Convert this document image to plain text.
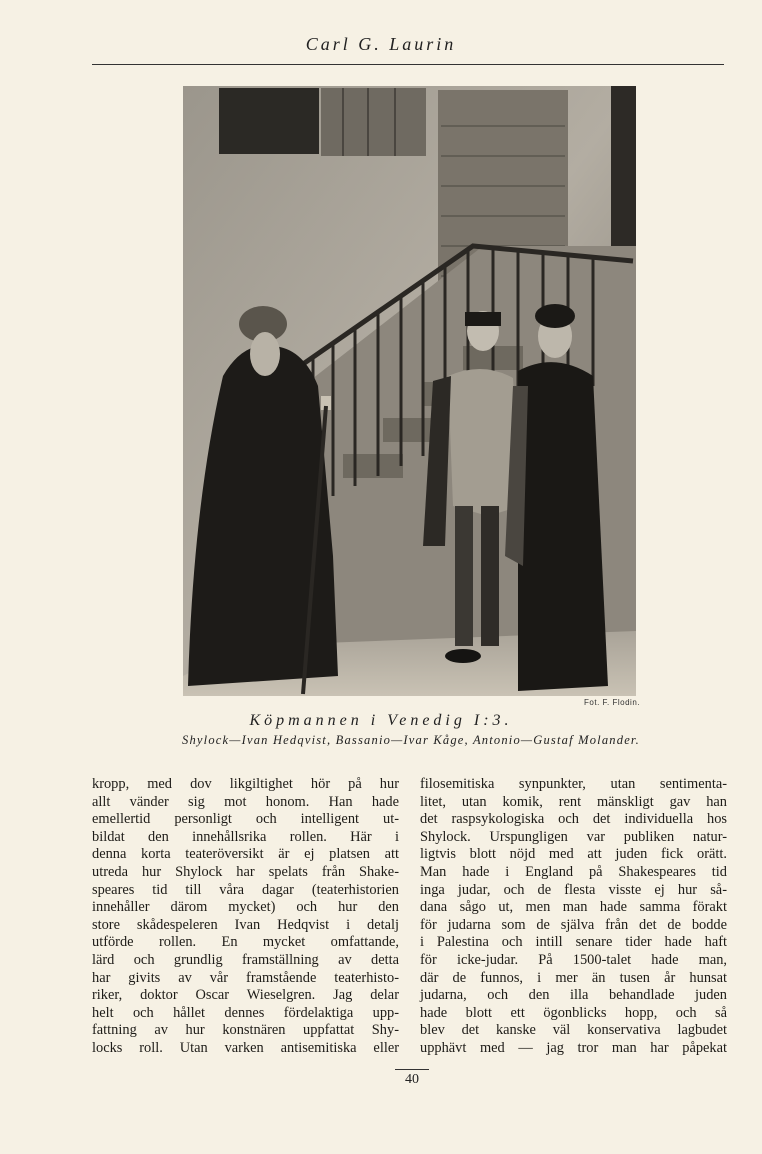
Carl G. Laurin
Fot. F. Flodin.
Köpmannen i Venedig I:3.
Shylock—Ivan Hedqvist, Bassanio—Ivar Kåge, Antonio—Gustaf Molander.
kropp, med dov likgiltighet hör på hur
allt vänder sig mot honom. Han hade
emellertid personligt och intelligent ut-
bildat den innehållsrika rollen. Här i
denna korta teateröversikt är ej platsen att
utreda hur Shylock har spelats från Shake-
speares tid till våra dagar (teaterhistorien
innehåller därom mycket) och hur den
store skådespeleren Ivan Hedqvist i detalj
utförde rollen. En mycket omfattande,
lärd och grundlig framställning av detta
har givits av vår framstående teaterhisto-
riker, doktor Oscar Wieselgren. Jag delar
helt och hållet dennes fördelaktiga upp-
fattning av hur konstnären uppfattat Shy-
locks roll. Utan varken antisemitiska eller
filosemitiska synpunkter, utan sentimenta-
litet, utan komik, rent mänskligt gav han
det raspsykologiska och det individuella hos
Shylock. Urspungligen var publiken natur-
ligtvis blott nöjd med att juden fick orätt.
Man hade i England på Shakespeares tid
inga judar, och de flesta visste ej hur så-
dana sågo ut, men man hade samma förakt
för judarna som de själva från det de bodde
i Palestina och intill senare tider hade haft
för icke-judar. På 1500-talet hade man,
där de funnos, i mer än tusen år hunsat
judarna, och den illa behandlade juden
hade blott ett ögonblicks hopp, och så
blev det kanske väl konservativa lagbudet
upphävt med — jag tror man har påpekat
40
